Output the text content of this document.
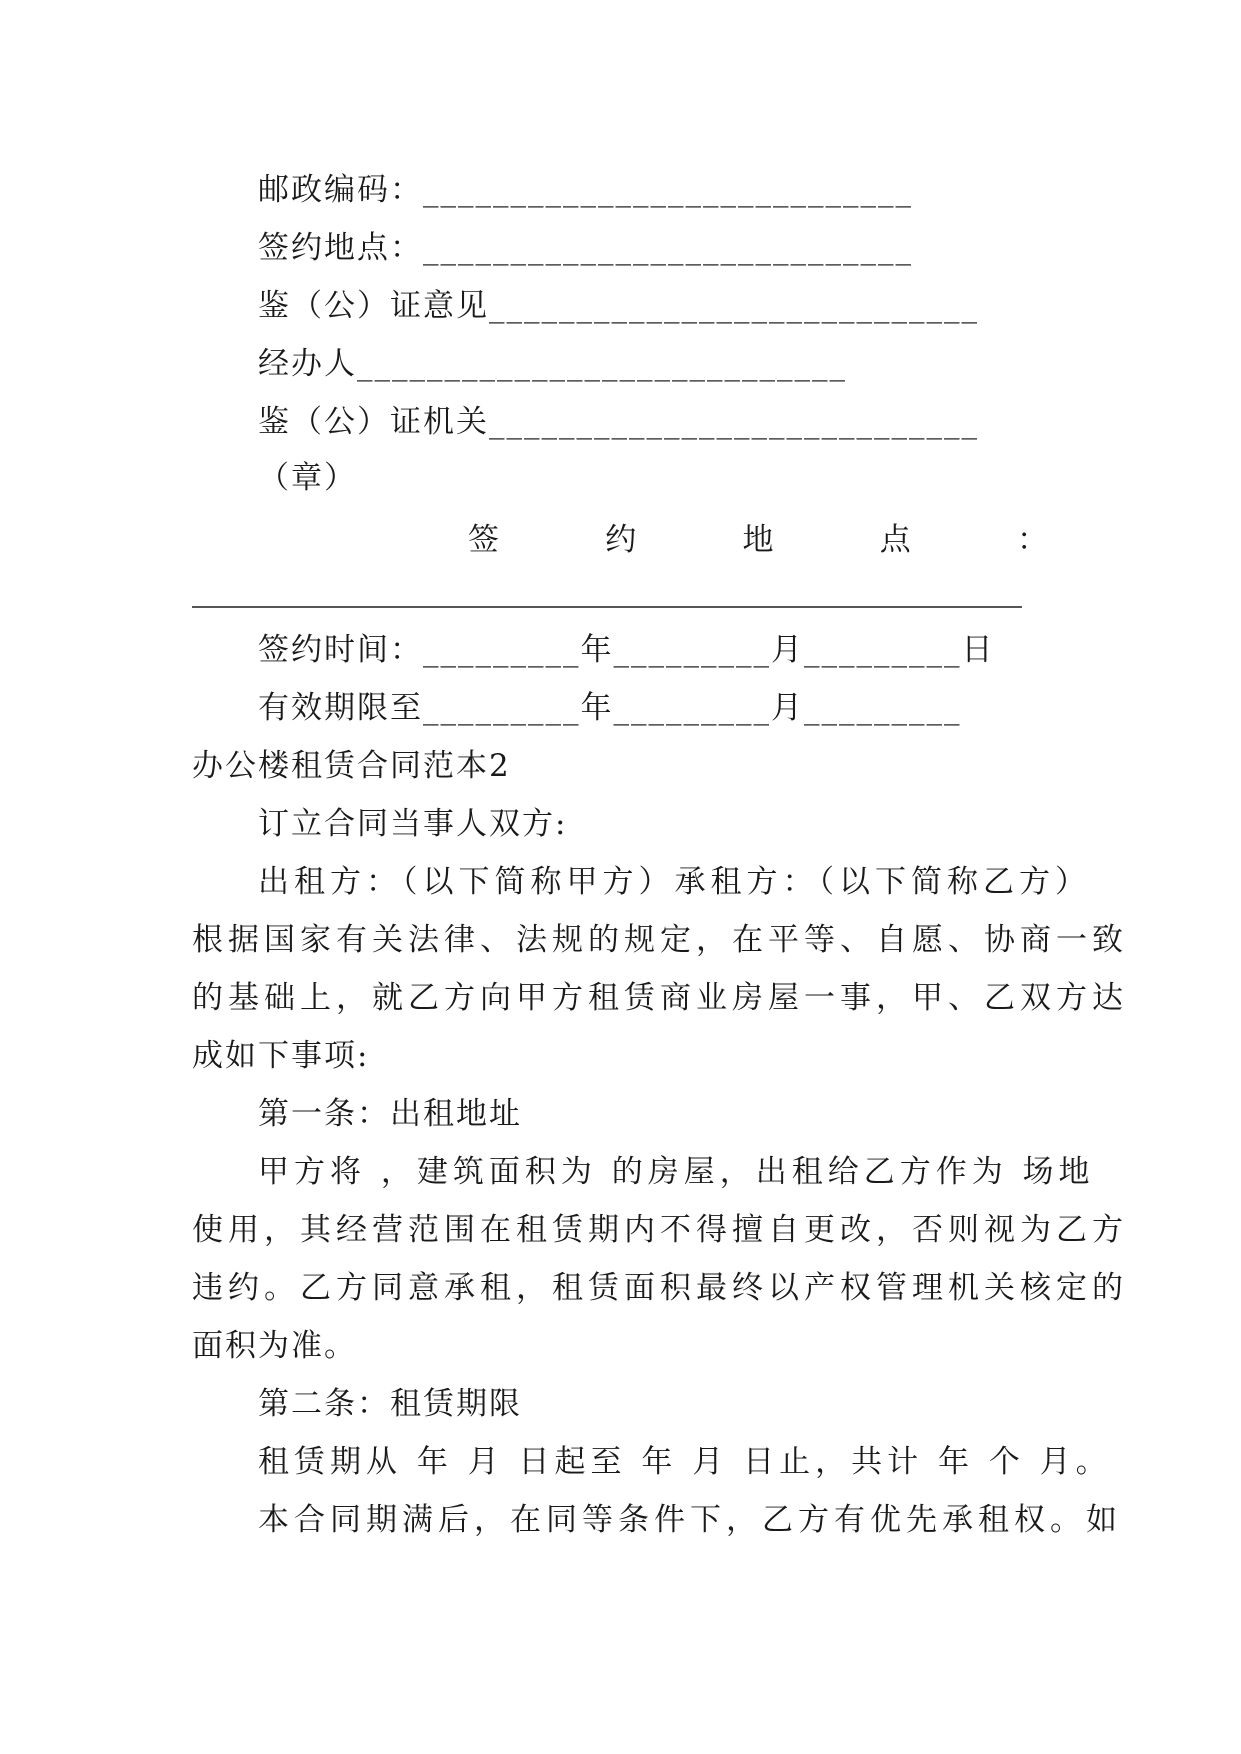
邮政编码：____________________________
签约地点：____________________________
鉴（公）证意见____________________________
经办人____________________________
鉴（公）证机关____________________________
（章）
签	约	地	点	：
签约时间：_________年_________月_________日
有效期限至_________年_________月_________
办公楼租赁合同范本2
订立合同当事人双方:
出租方：（以下简称甲方）承租方：（以下简称乙方）
根据国家有关法律、法规的规定，在平等、自愿、协商一致
的基础上，就乙方向甲方租赁商业房屋一事，甲、乙双方达
成如下事项:
第一条：出租地址
甲方将 ，建筑面积为 的房屋，出租给乙方作为 场地
使用，其经营范围在租赁期内不得擅自更改，否则视为乙方
违约。乙方同意承租，租赁面积最终以产权管理机关核定的
面积为准。
第二条：租赁期限
租赁期从 年 月 日起至 年 月 日止，共计 年 个 月。
本合同期满后，在同等条件下，乙方有优先承租权。如
